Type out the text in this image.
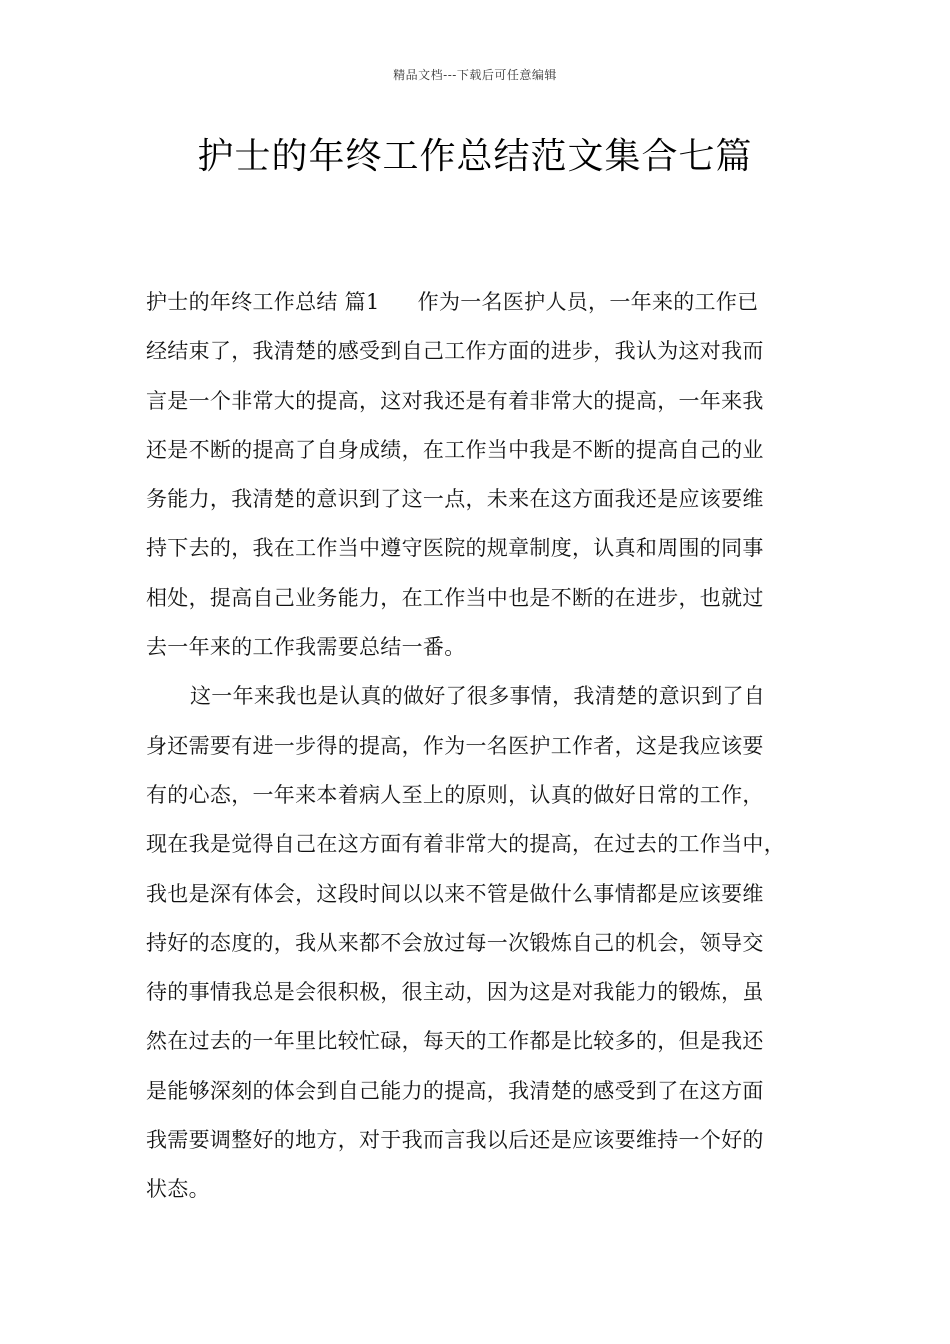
精品文档---下载后可任意编辑
护士的年终工作总结范文集合七篇
护士的年终工作总结 篇1 作为一名医护人员，一年来的工作已
经结束了，我清楚的感受到自己工作方面的进步，我认为这对我而
言是一个非常大的提高，这对我还是有着非常大的提高，一年来我
还是不断的提高了自身成绩，在工作当中我是不断的提高自己的业
务能力，我清楚的意识到了这一点，未来在这方面我还是应该要维
持下去的，我在工作当中遵守医院的规章制度，认真和周围的同事
相处，提高自己业务能力，在工作当中也是不断的在进步，也就过
去一年来的工作我需要总结一番。
这一年来我也是认真的做好了很多事情，我清楚的意识到了自
身还需要有进一步得的提高，作为一名医护工作者，这是我应该要
有的心态，一年来本着病人至上的原则，认真的做好日常的工作，
现在我是觉得自己在这方面有着非常大的提高，在过去的工作当中，
我也是深有体会，这段时间以以来不管是做什么事情都是应该要维
持好的态度的，我从来都不会放过每一次锻炼自己的机会，领导交
待的事情我总是会很积极，很主动，因为这是对我能力的锻炼，虽
然在过去的一年里比较忙碌，每天的工作都是比较多的，但是我还
是能够深刻的体会到自己能力的提高，我清楚的感受到了在这方面
我需要调整好的地方，对于我而言我以后还是应该要维持一个好的
状态。
